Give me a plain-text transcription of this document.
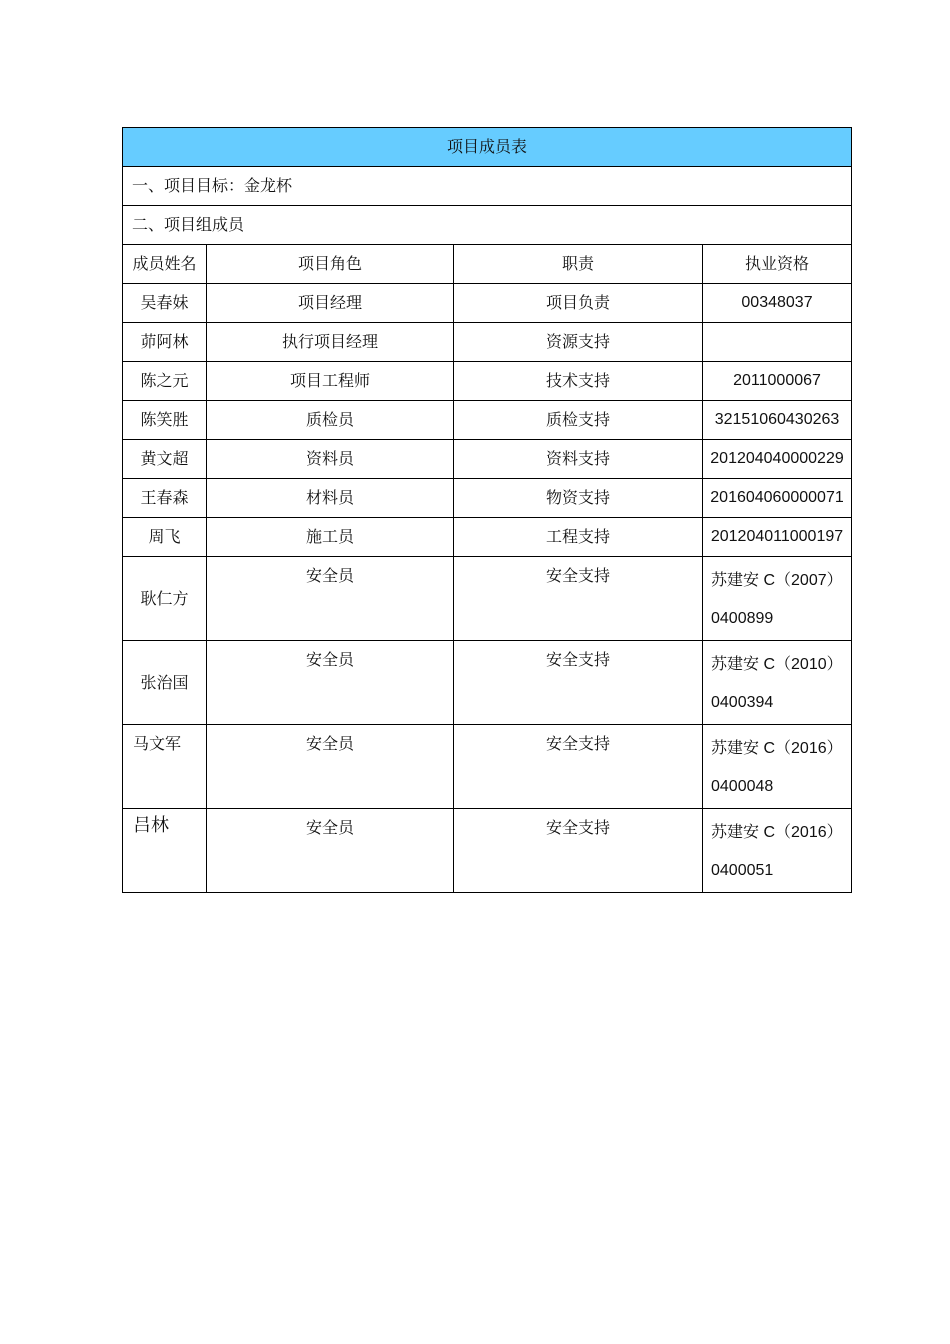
项目成员表			
一、项目目标：金龙杯			
二、项目组成员			
成员姓名	项目角色	职责	执业资格
吴春妹	项目经理	项目负责	00348037
茆阿林	执行项目经理	资源支持	
陈之元	项目工程师	技术支持	2011000067
陈笑胜	质检员	质检支持	32151060430263
黄文超	资料员	资料支持	201204040000229
王春森	材料员	物资支持	201604060000071
周飞	施工员	工程支持	201204011000197
耿仁方	安全员	安全支持	苏建安 C（2007）
0400899
张治国	安全员	安全支持	苏建安 C（2010）
0400394
马文军	安全员	安全支持	苏建安 C（2016）
0400048
吕林	安全员	安全支持	苏建安 C（2016）
0400051
